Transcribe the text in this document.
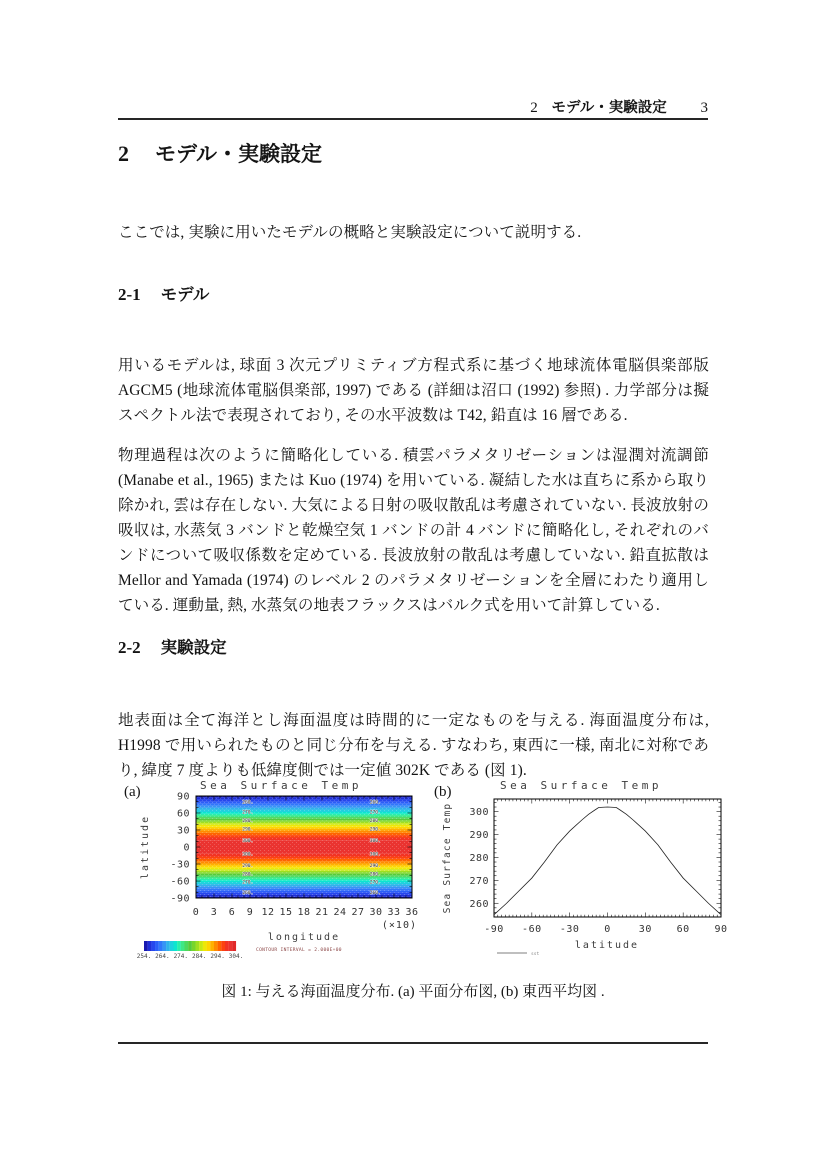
2 モデル・実験設定 3
2 モデル・実験設定

ここでは, 実験に用いたモデルの概略と実験設定について説明する.

2-1 モデル

用いるモデルは, 球面 3 次元プリミティブ方程式系に基づく地球流体電脳倶楽部版 AGCM5 (地球流体電脳倶楽部, 1997) である (詳細は沼口 (1992) 参照) . 力学部分は擬スペクトル法で表現されており, その水平波数は T42, 鉛直は 16 層である.

物理過程は次のように簡略化している. 積雲パラメタリゼーションは湿潤対流調節 (Manabe et al., 1965) または Kuo (1974) を用いている. 凝結した水は直ちに系から取り除かれ, 雲は存在しない. 大気による日射の吸収散乱は考慮されていない. 長波放射の吸収は, 水蒸気 3 バンドと乾燥空気 1 バンドの計 4 バンドに簡略化し, それぞれのバンドについて吸収係数を定めている. 長波放射の散乱は考慮していない. 鉛直拡散は Mellor and Yamada (1974) のレベル 2 のパラメタリゼーションを全層にわたり適用している. 運動量, 熱, 水蒸気の地表フラックスはバルク式を用いて計算している.

2-2 実験設定

地表面は全て海洋とし海面温度は時間的に一定なものを与える. 海面温度分布は, H1998 で用いられたものと同じ分布を与える. すなわち, 東西に一様, 南北に対称であり, 緯度 7 度よりも低緯度側では一定値 302K である (図 1).

(a)
0 3 6 9 12 15 18 21 24 27 30 33 36
90
60
30
0
-30
-60
-90
254. 264. 274. 284. 294. 304.
300.
300.
300.
300.
290.
290.
290.
290.
280.
280.
280.
280.
270.
270.
270.
270.
260.
260.
260.
260.
Sea Surface Temp
longitude
latitude
(×10)
CONTOUR INTERVAL = 2.000E+00
(b)
-90 -60 -30 0	30 60 90
260
270
280
290
300
Sea Surface Temp
latitude
Sea Surface Temp
sst
図 1: 与える海面温度分布. (a) 平面分布図, (b) 東西平均図 .
